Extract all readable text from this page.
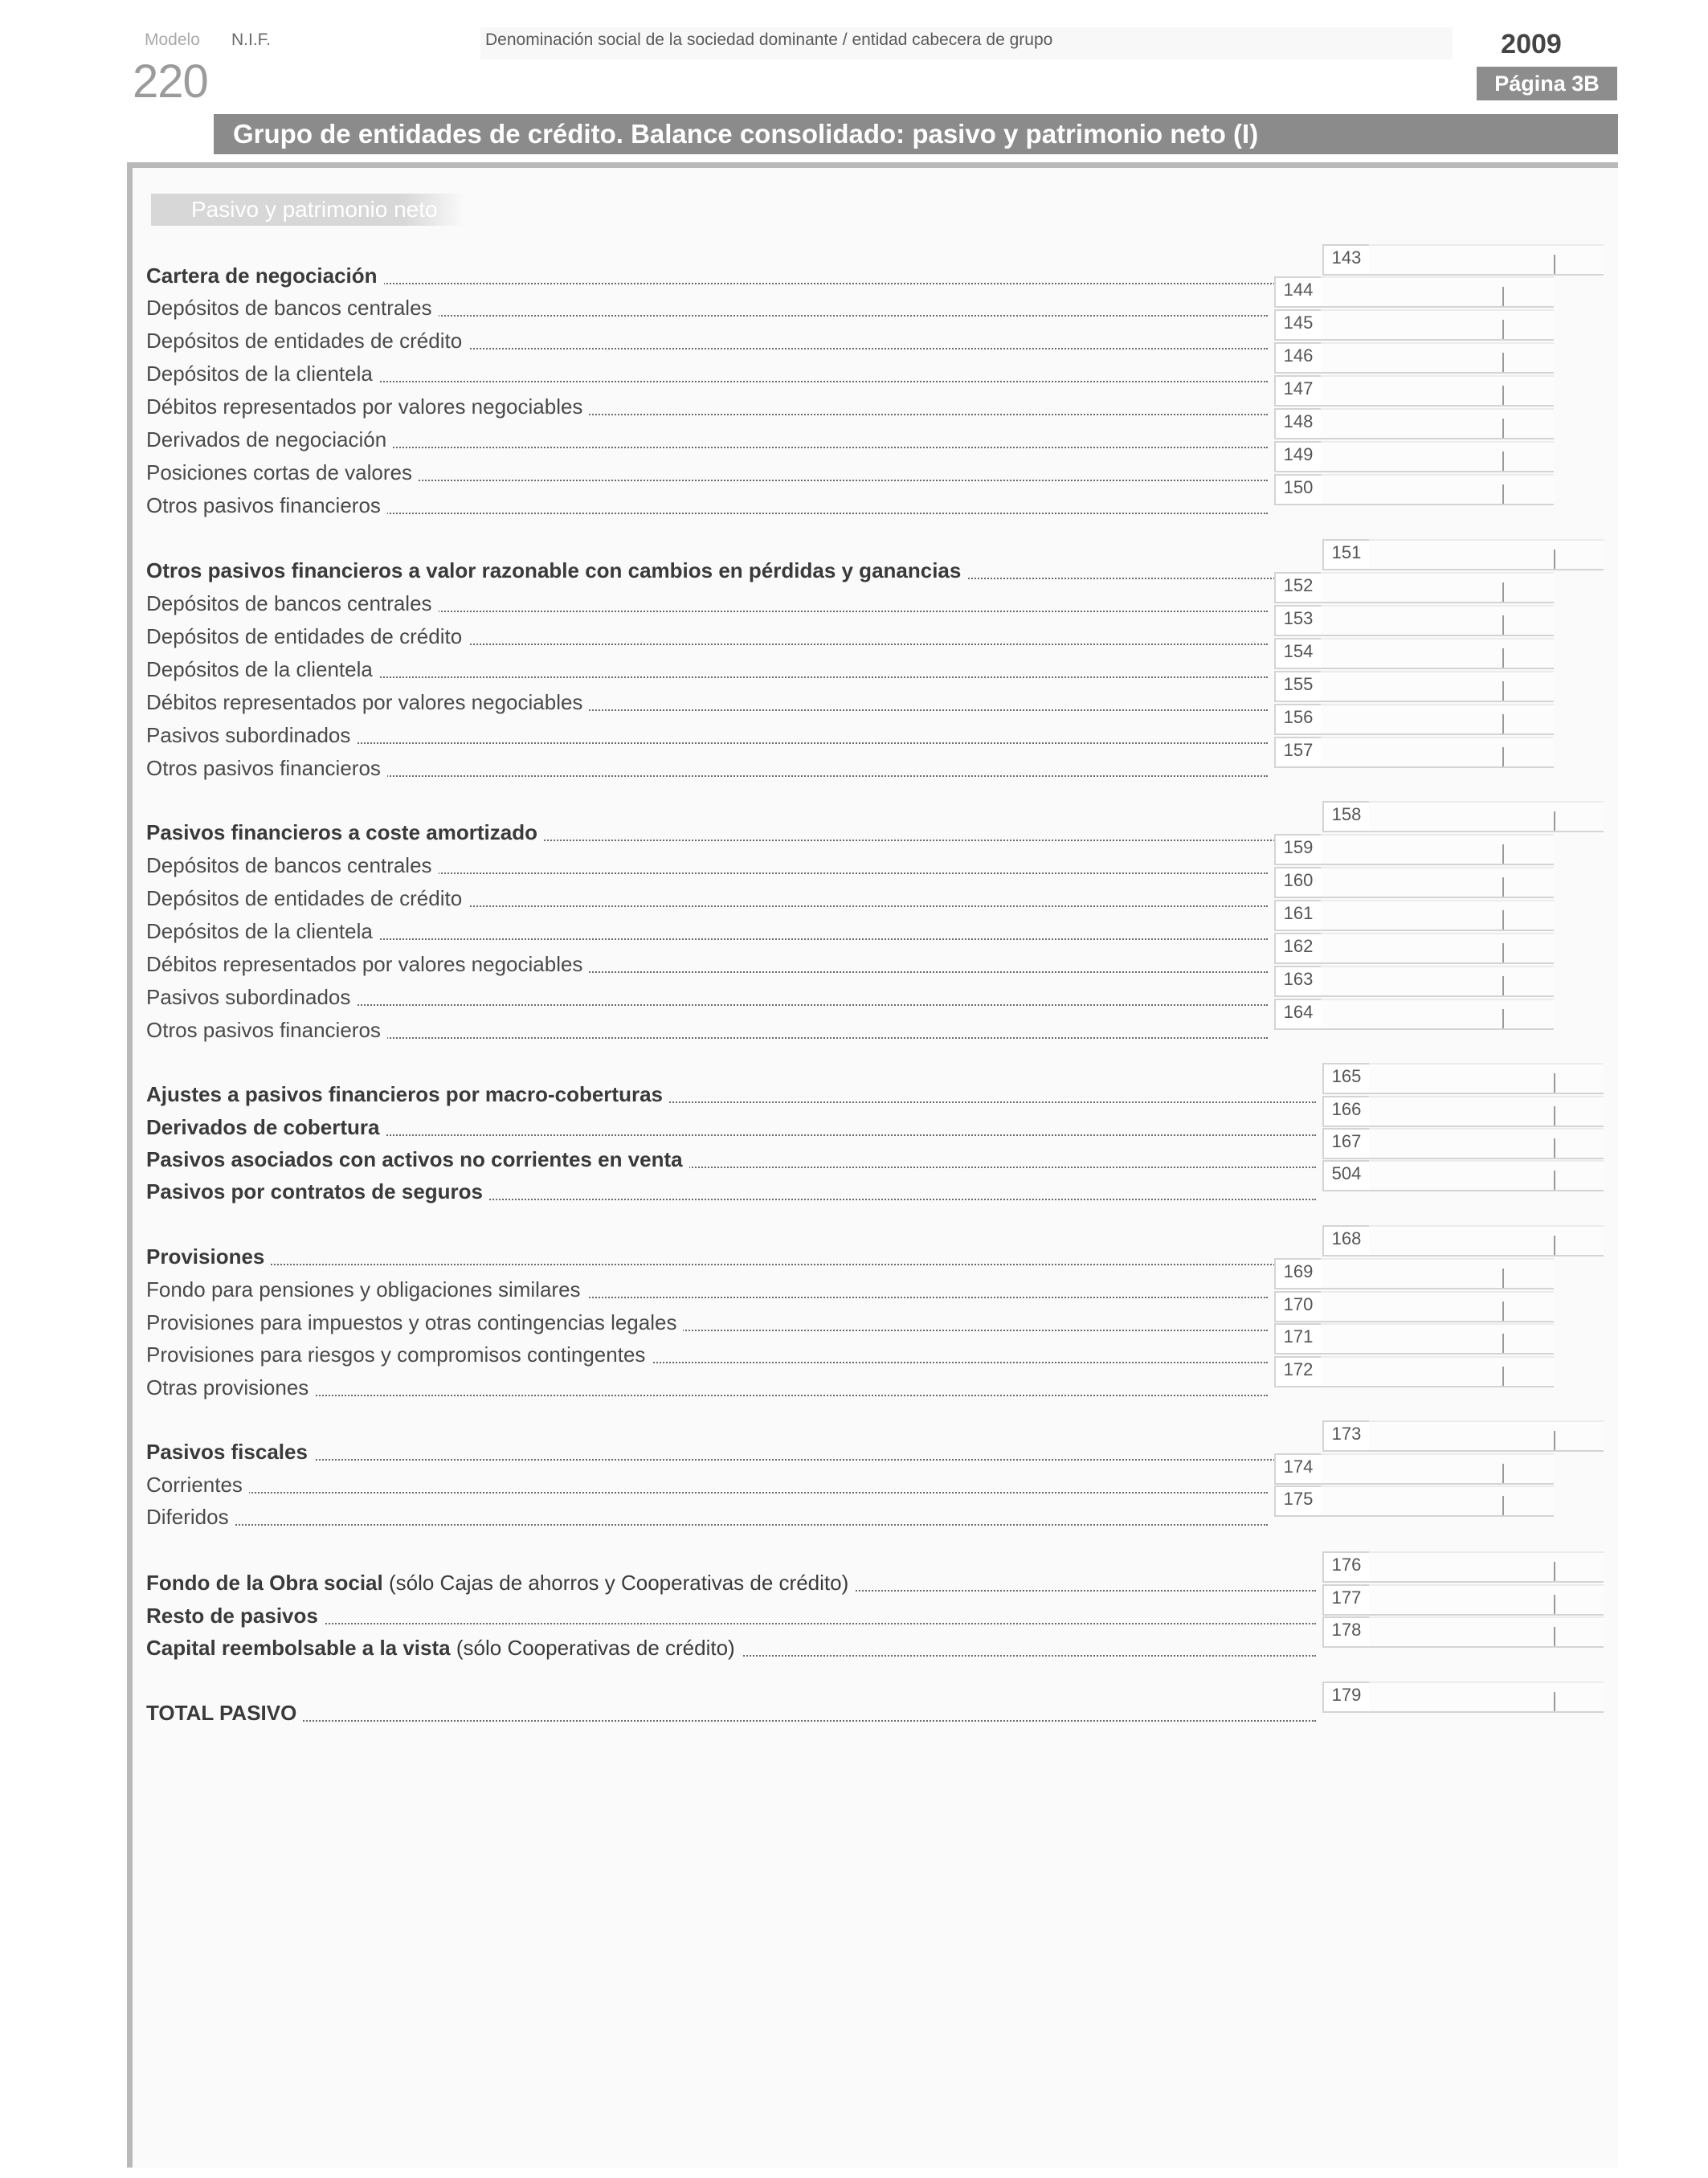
Modelo
220
N.I.F.	Denominación social de la sociedad dominante / entidad cabecera de grupo	2009
Página 3B
Grupo de entidades de crédito. Balance consolidado: pasivo y patrimonio neto (I)
Pasivo y patrimonio neto
Cartera de negociación
143
Depósitos de bancos centrales
144
Depósitos de entidades de crédito
145
Depósitos de la clientela
146
Débitos representados por valores negociables
147
Derivados de negociación
148
Posiciones cortas de valores
149
Otros pasivos financieros
150
Otros pasivos financieros a valor razonable con cambios en pérdidas y ganancias
151
Depósitos de bancos centrales
152
Depósitos de entidades de crédito
153
Depósitos de la clientela
154
Débitos representados por valores negociables
155
Pasivos subordinados
156
Otros pasivos financieros
157
Pasivos financieros a coste amortizado
158
Depósitos de bancos centrales
159
Depósitos de entidades de crédito
160
Depósitos de la clientela
161
Débitos representados por valores negociables
162
Pasivos subordinados
163
Otros pasivos financieros
164
Ajustes a pasivos financieros por macro-coberturas
165
Derivados de cobertura
166
Pasivos asociados con activos no corrientes en venta
167
Pasivos por contratos de seguros
504
Provisiones
168
Fondo para pensiones y obligaciones similares
169
Provisiones para impuestos y otras contingencias legales
170
Provisiones para riesgos y compromisos contingentes
171
Otras provisiones
172
Pasivos fiscales
173
Corrientes
174
Diferidos
175
Fondo de la Obra social (sólo Cajas de ahorros y Cooperativas de crédito)
176
Resto de pasivos
177
Capital reembolsable a la vista (sólo Cooperativas de crédito)
178
TOTAL PASIVO
179
